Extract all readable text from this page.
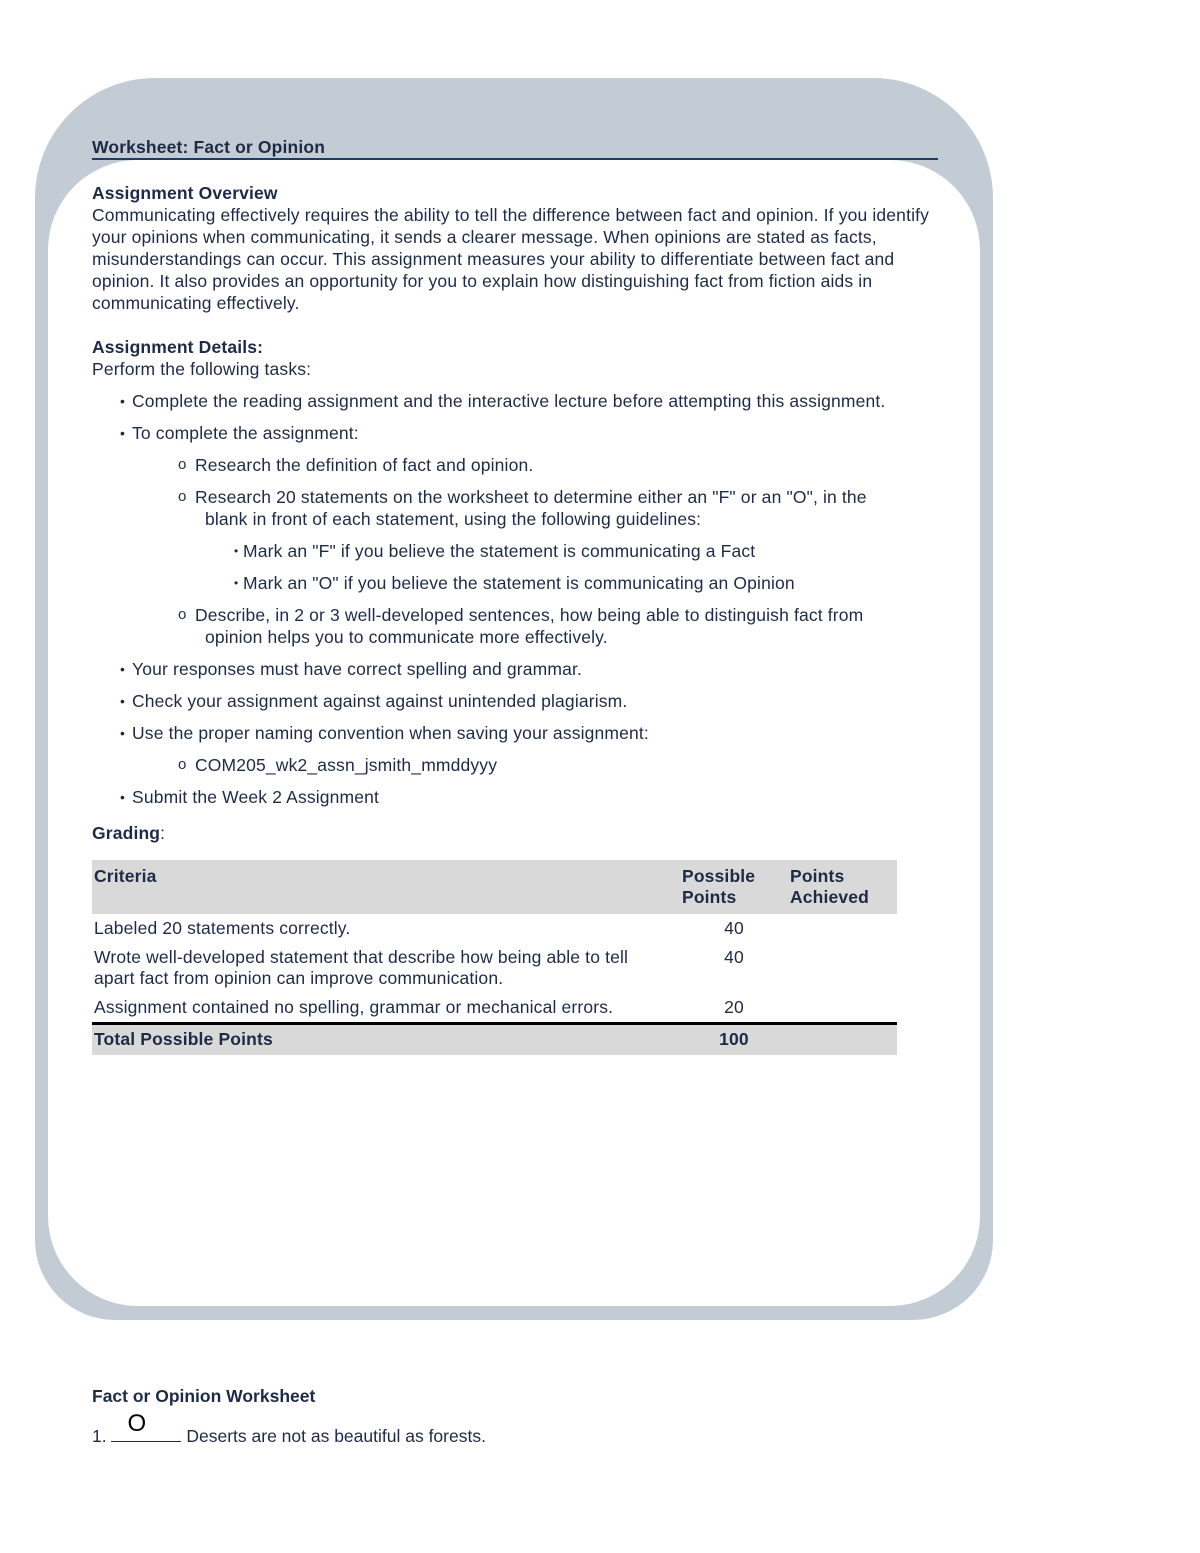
Worksheet: Fact or Opinion
Assignment Overview

Communicating effectively requires the ability to tell the difference between fact and opinion. If you identify your opinions when communicating, it sends a clearer message. When opinions are stated as facts, misunderstandings can occur. This assignment measures your ability to differentiate between fact and opinion. It also provides an opportunity for you to explain how distinguishing fact from fiction aids in communicating effectively.

Assignment Details:

Perform the following tasks:

• Complete the reading assignment and the interactive lecture before attempting this assignment.
• To complete the assignment:
o Research the definition of fact and opinion.
o Research 20 statements on the worksheet to determine either an "F" or an "O", in the
blank in front of each statement, using the following guidelines:
• Mark an "F" if you believe the statement is communicating a Fact
• Mark an "O" if you believe the statement is communicating an Opinion
o Describe, in 2 or 3 well-developed sentences, how being able to distinguish fact from
opinion helps you to communicate more effectively.
• Your responses must have correct spelling and grammar.
• Check your assignment against against unintended plagiarism.
• Use the proper naming convention when saving your assignment:
o COM205_wk2_assn_jsmith_mmddyyy
• Submit the Week 2 Assignment
Grading:
Criteria	Possible Points	Points Achieved
Labeled 20 statements correctly.	40	
Wrote well-developed statement that describe how being able to tell apart fact from opinion can improve communication.	40	
Assignment contained no spelling, grammar or mechanical errors.	20	
Total Possible Points	100	
Fact or Opinion Worksheet
1. O Deserts are not as beautiful as forests.
